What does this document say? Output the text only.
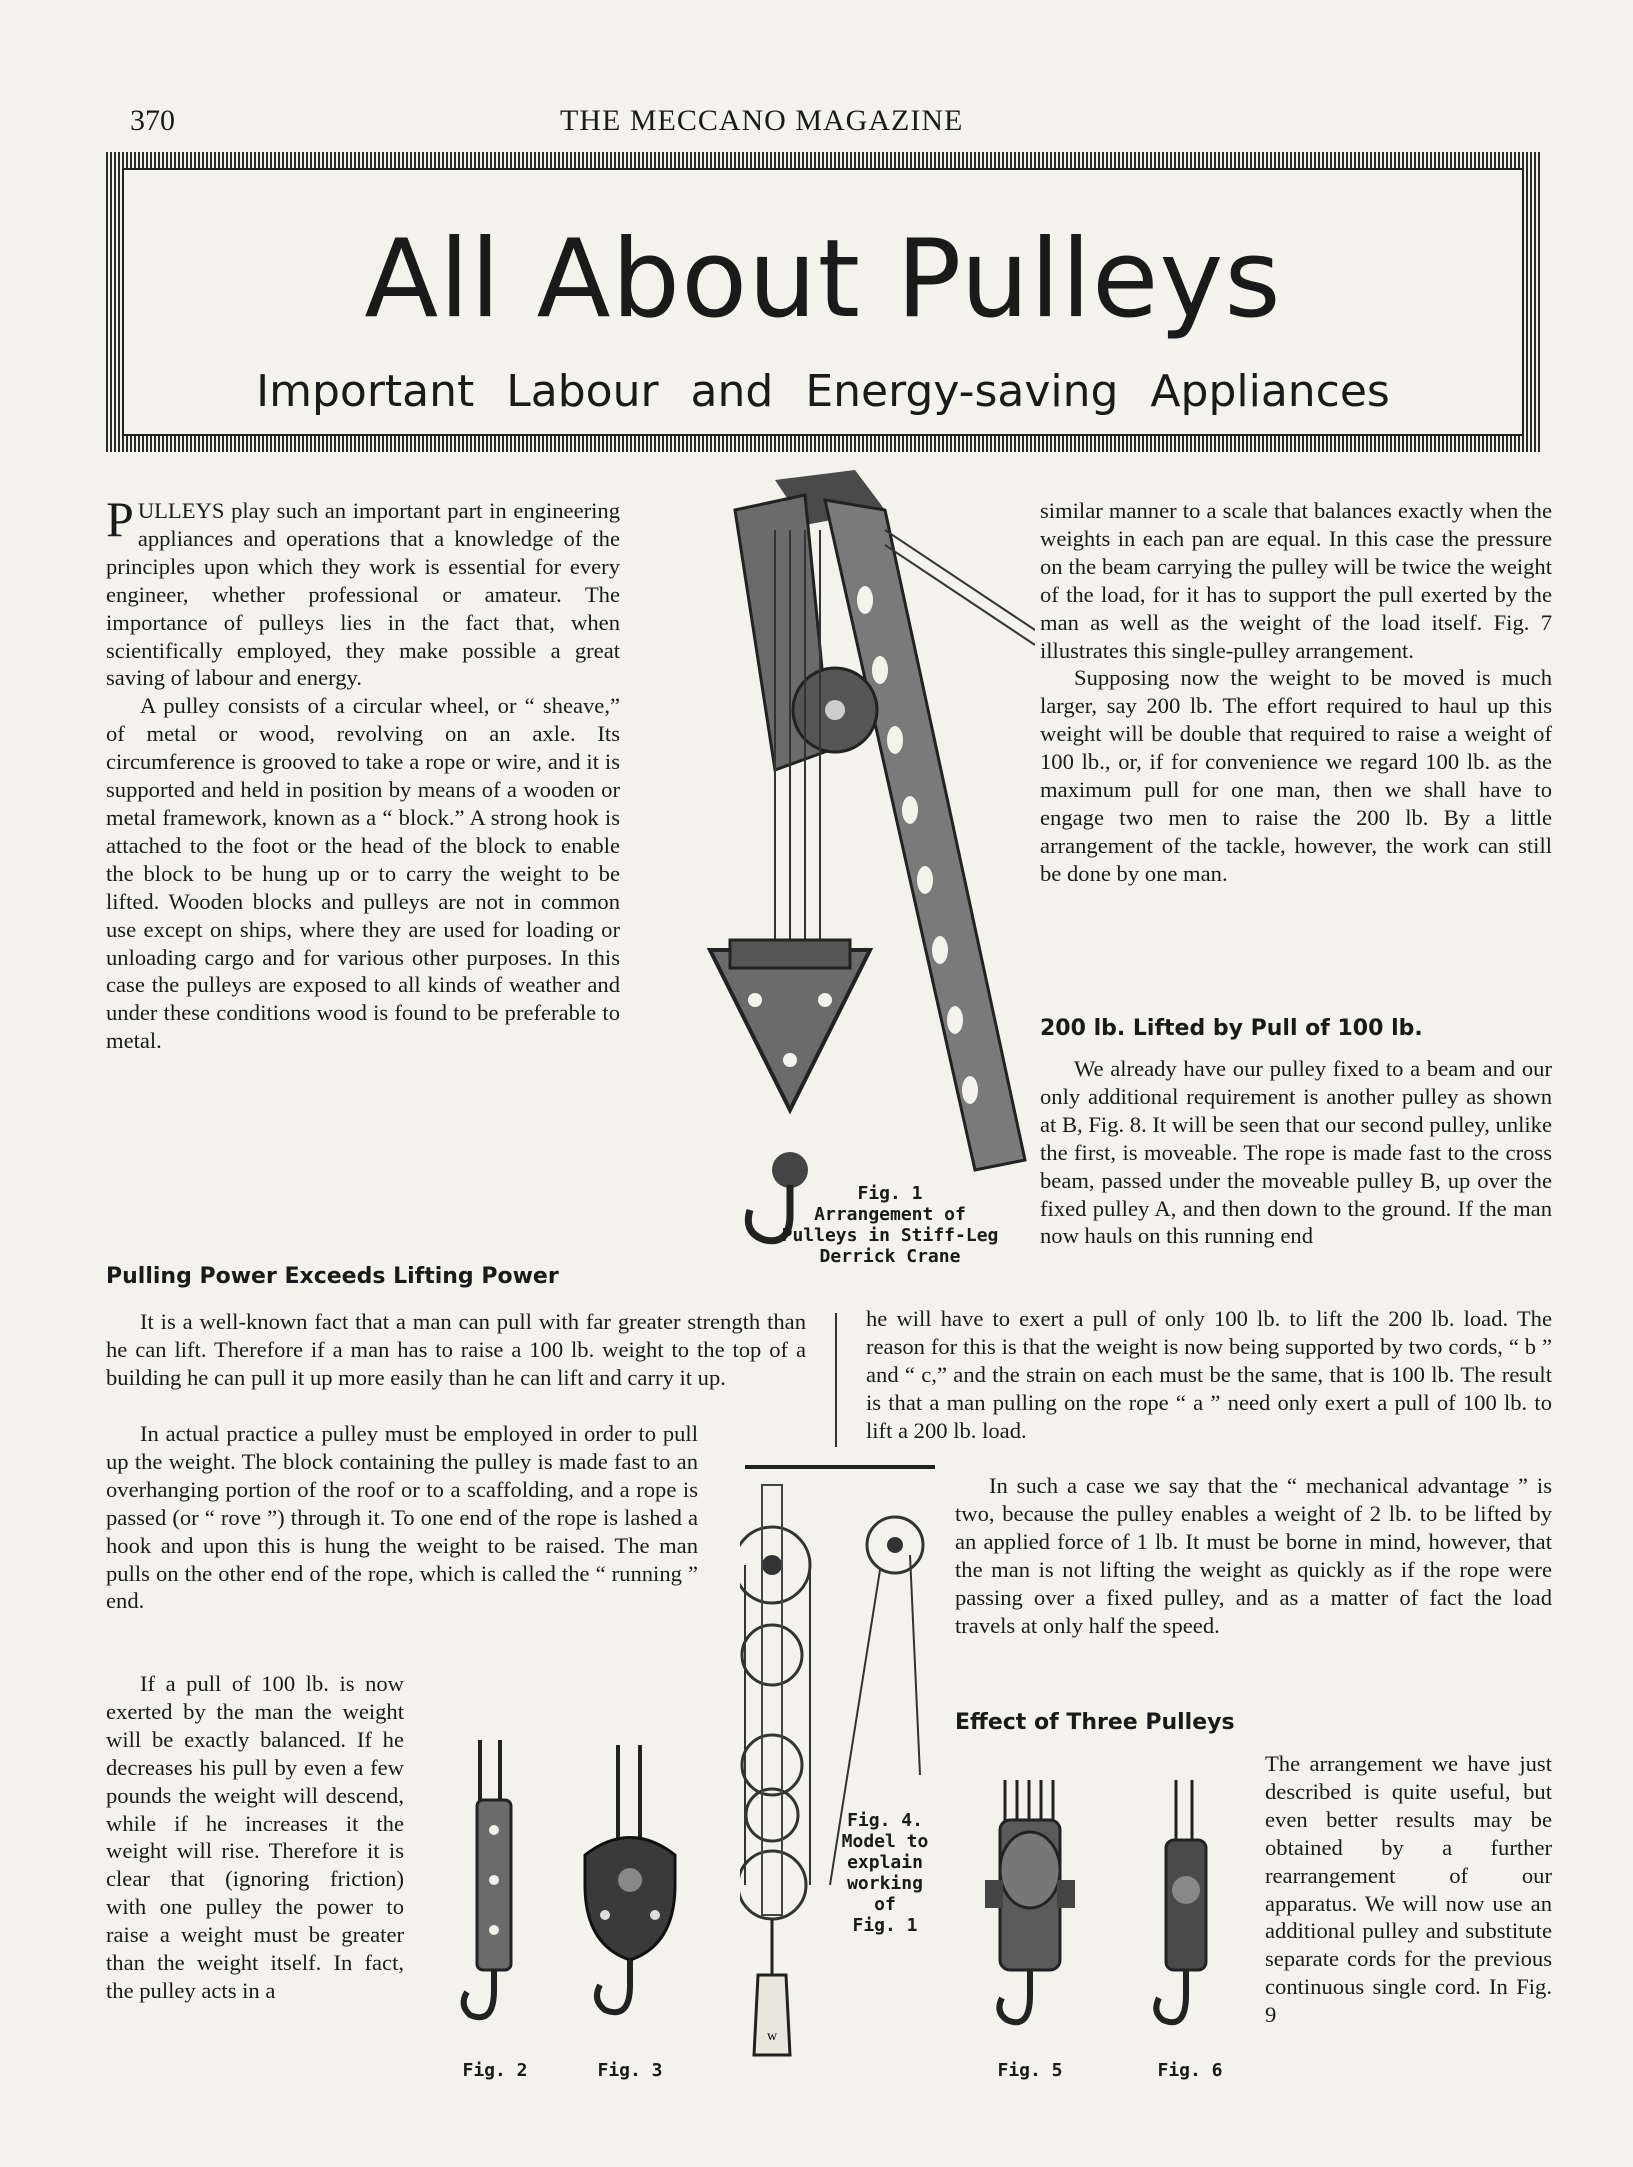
370	THE MECCANO MAGAZINE
All About Pulleys
Important Labour and Energy-saving Appliances

PULLEYS play such an important part in engineering appliances and operations that a knowledge of the principles upon which they work is essential for every engineer, whether professional or amateur. The importance of pulleys lies in the fact that, when scientifically employed, they make possible a great saving of labour and energy.

A pulley consists of a circular wheel, or “ sheave,” of metal or wood, revolving on an axle. Its circumference is grooved to take a rope or wire, and it is supported and held in position by means of a wooden or metal framework, known as a “ block.” A strong hook is attached to the foot or the head of the block to enable the block to be hung up or to carry the weight to be lifted. Wooden blocks and pulleys are not in common use except on ships, where they are used for loading or unloading cargo and for various other purposes. In this case the pulleys are exposed to all kinds of weather and under these conditions wood is found to be preferable to metal.

Pulling Power Exceeds Lifting Power

It is a well-known fact that a man can pull with far greater strength than he can lift. Therefore if a man has to raise a 100 lb. weight to the top of a building he can pull it up more easily than he can lift and carry it up.

In actual practice a pulley must be employed in order to pull up the weight. The block containing the pulley is made fast to an overhanging portion of the roof or to a scaffolding, and a rope is passed (or “ rove ”) through it. To one end of the rope is lashed a hook and upon this is hung the weight to be raised. The man pulls on the other end of the rope, which is called the “ running ” end.

If a pull of 100 lb. is now exerted by the man the weight will be exactly balanced. If he decreases his pull by even a few pounds the weight will descend, while if he increases it the weight will rise. Therefore it is clear that (ignoring friction) with one pulley the power to raise a weight must be greater than the weight itself. In fact, the pulley acts in a

similar manner to a scale that balances exactly when the weights in each pan are equal. In this case the pressure on the beam carrying the pulley will be twice the weight of the load, for it has to support the pull exerted by the man as well as the weight of the load itself. Fig. 7 illustrates this single-pulley arrangement.

Supposing now the weight to be moved is much larger, say 200 lb. The effort required to haul up this weight will be double that required to raise a weight of 100 lb., or, if for convenience we regard 100 lb. as the maximum pull for one man, then we shall have to engage two men to raise the 200 lb. By a little arrangement of the tackle, however, the work can still be done by one man.

200 lb. Lifted by Pull of 100 lb.

We already have our pulley fixed to a beam and our only additional requirement is another pulley as shown at B, Fig. 8. It will be seen that our second pulley, unlike the first, is moveable. The rope is made fast to the cross beam, passed under the moveable pulley B, up over the fixed pulley A, and then down to the ground. If the man now hauls on this running end

he will have to exert a pull of only 100 lb. to lift the 200 lb. load. The reason for this is that the weight is now being supported by two cords, “ b ” and “ c,” and the strain on each must be the same, that is 100 lb. The result is that a man pulling on the rope “ a ” need only exert a pull of 100 lb. to lift a 200 lb. load.

In such a case we say that the “ mechanical advantage ” is two, because the pulley enables a weight of 2 lb. to be lifted by an applied force of 1 lb. It must be borne in mind, however, that the man is not lifting the weight as quickly as if the rope were passing over a fixed pulley, and as a matter of fact the load travels at only half the speed.

Effect of Three Pulleys

The arrangement we have just described is quite useful, but even better results may be obtained by a further rearrangement of our apparatus. We will now use an additional pulley and substitute separate cords for the previous continuous single cord. In Fig. 9

Fig. 1
Arrangement of
Pulleys in Stiff-Leg
Derrick Crane
Fig. 2	Fig. 3
w
Fig. 4.
Model to
explain
working
of
Fig. 1
Fig. 5	Fig. 6
